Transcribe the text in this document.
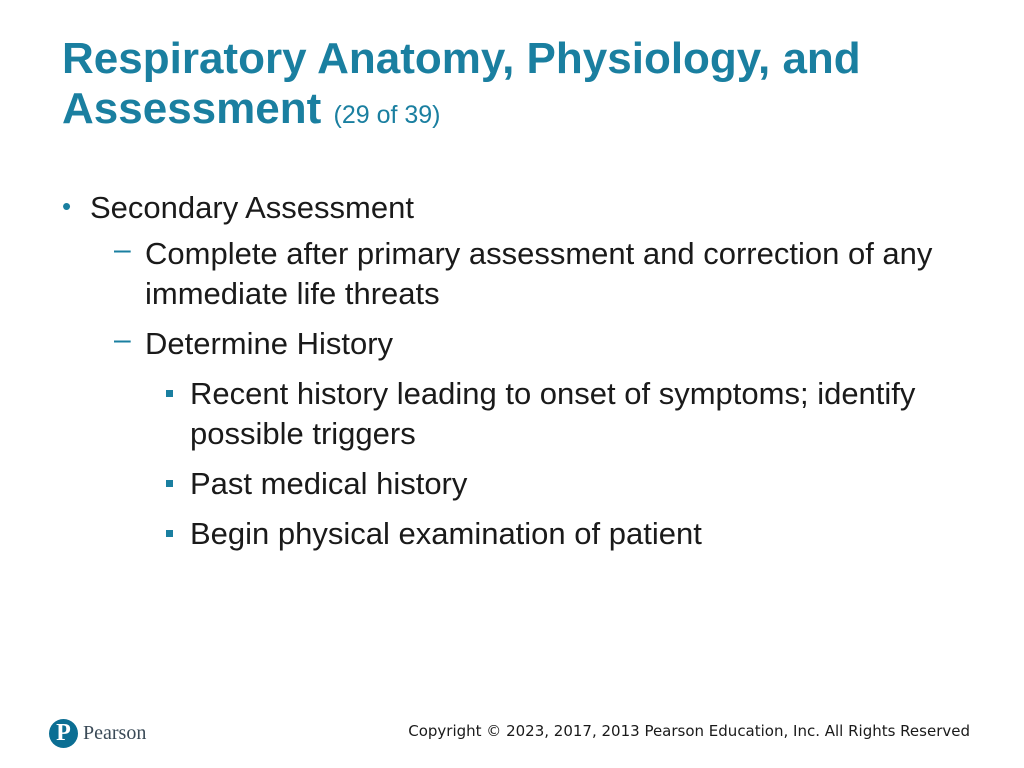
Respiratory Anatomy, Physiology, and Assessment (29 of 39)
• Secondary Assessment
– Complete after primary assessment and correction of any immediate life threats
– Determine History
Recent history leading to onset of symptoms; identify possible triggers
Past medical history
Begin physical examination of patient
P Pearson	Copyright © 2023, 2017, 2013 Pearson Education, Inc. All Rights Reserved
